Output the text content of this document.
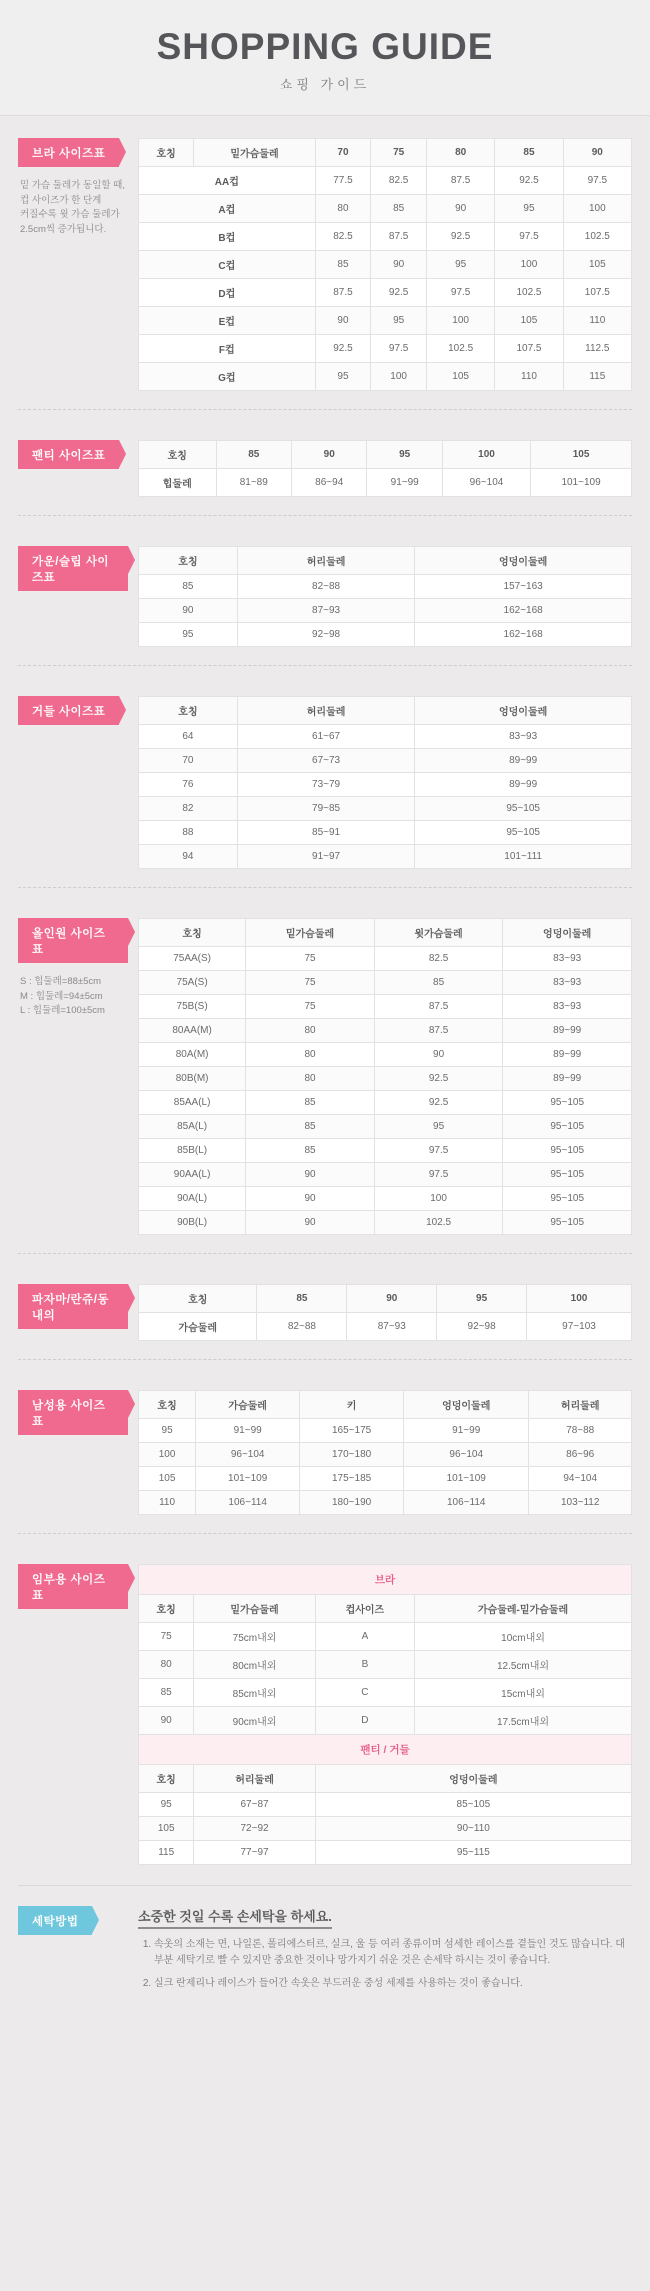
SHOPPING GUIDE
쇼핑 가이드
브라 사이즈표
밑 가슴 둘레가 동일할 때,
컵 사이즈가 한 단계
커질수록 윗 가슴 둘레가
2.5cm씩 증가됩니다.
호칭	밑가슴둘레	70	75	80	85	90
AA컵		77.5	82.5	87.5	92.5	97.5
A컵		80	85	90	95	100
B컵		82.5	87.5	92.5	97.5	102.5
C컵		85	90	95	100	105
D컵		87.5	92.5	97.5	102.5	107.5
E컵		90	95	100	105	110
F컵		92.5	97.5	102.5	107.5	112.5
G컵		95	100	105	110	115
팬티 사이즈표	호칭	85	90	95	100	105
힙둘레	81~89	86~94	91~99	96~104	101~109
가운/슬립 사이즈표
호칭	허리둘레	엉덩이둘레
85	82~88	157~163
90	87~93	162~168
95	92~98	162~168
거들 사이즈표	호칭	허리둘레	엉덩이둘레
64	61~67	83~93
70	67~73	89~99
76	73~79	89~99
82	79~85	95~105
88	85~91	95~105
94	91~97	101~111
올인원 사이즈표
S : 힙둘레=88±5cm
M : 힙둘레=94±5cm
L : 힙둘레=100±5cm
호칭	밑가슴둘레	윗가슴둘레	엉덩이둘레
75AA(S)	75	82.5	83~93
75A(S)	75	85	83~93
75B(S)	75	87.5	83~93
80AA(M)	80	87.5	89~99
80A(M)	80	90	89~99
80B(M)	80	92.5	89~99
85AA(L)	85	92.5	95~105
85A(L)	85	95	95~105
85B(L)	85	97.5	95~105
90AA(L)	90	97.5	95~105
90A(L)	90	100	95~105
90B(L)	90	102.5	95~105
파자마/란쥬/동내의
호칭	85	90	95	100
가슴둘레	82~88	87~93	92~98	97~103
남성용 사이즈표
호칭	가슴둘레	키	엉덩이둘레	허리둘레
95	91~99	165~175	91~99	78~88
100	96~104	170~180	96~104	86~96
105	101~109	175~185	101~109	94~104
110	106~114	180~190	106~114	103~112
임부용 사이즈표
브라			
호칭	밑가슴둘레	컵사이즈	가슴둘레-밑가슴둘레
75	75cm내외	A	10cm내외
80	80cm내외	B	12.5cm내외
85	85cm내외	C	15cm내외
90	90cm내외	D	17.5cm내외
팬티 / 거들			
호칭	허리둘레	엉덩이둘레	
95	67~87	85~105	
105	72~92	90~110	
115	77~97	95~115	
세탁방법	소중한 것일 수록 손세탁을 하세요.
1. 속옷의 소재는 면, 나일론, 폴리에스터르, 실크, 울 등 여러 종류이며 섬세한 레이스를 곁들인 것도 많습니다. 대부분 세탁기로 빨 수 있지만 중요한 것이나 망가지기 쉬운 것은 손세탁 하시는 것이 좋습니다.
2. 실크 란제리나 레이스가 들어간 속옷은 부드러운 중성 세제를 사용하는 것이 좋습니다.
